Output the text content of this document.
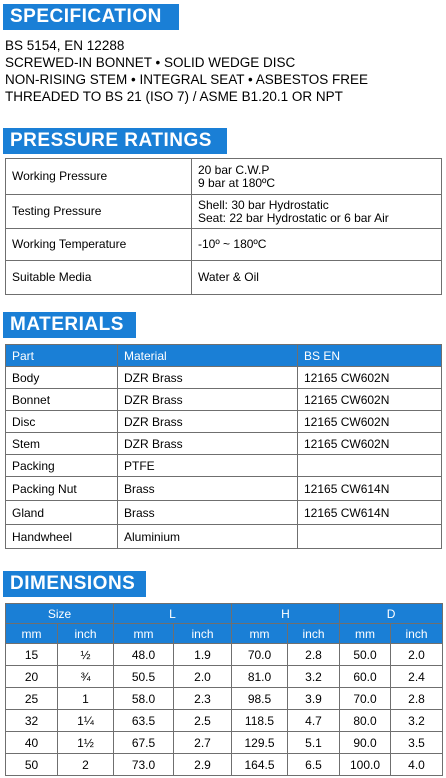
SPECIFICATION
BS 5154, EN 12288
SCREWED-IN BONNET • SOLID WEDGE DISC
NON-RISING STEM • INTEGRAL SEAT • ASBESTOS FREE
THREADED TO BS 21 (ISO 7) / ASME B1.20.1 OR NPT
PRESSURE RATINGS
Working Pressure	20 bar C.W.P
9 bar at 180ºC

Testing Pressure	Shell: 30 bar Hydrostatic
Seat: 22 bar Hydrostatic or 6 bar Air

Working Temperature	-10º ~ 180ºC
Suitable Media	Water & Oil
MATERIALS
Part	Material	BS EN
Body	DZR Brass	12165 CW602N
Bonnet	DZR Brass	12165 CW602N
Disc	DZR Brass	12165 CW602N
Stem	DZR Brass	12165 CW602N
Packing	PTFE	
Packing Nut	Brass	12165 CW614N
Gland	Brass	12165 CW614N
Handwheel	Aluminium	
DIMENSIONS
Size		L		H		D	
mm	inch	mm	inch	mm	inch	mm	inch
15	½	48.0	1.9	70.0	2.8	50.0	2.0
20	¾	50.5	2.0	81.0	3.2	60.0	2.4
25	1	58.0	2.3	98.5	3.9	70.0	2.8
32	1¼	63.5	2.5	118.5	4.7	80.0	3.2
40	1½	67.5	2.7	129.5	5.1	90.0	3.5
50	2	73.0	2.9	164.5	6.5	100.0	4.0
